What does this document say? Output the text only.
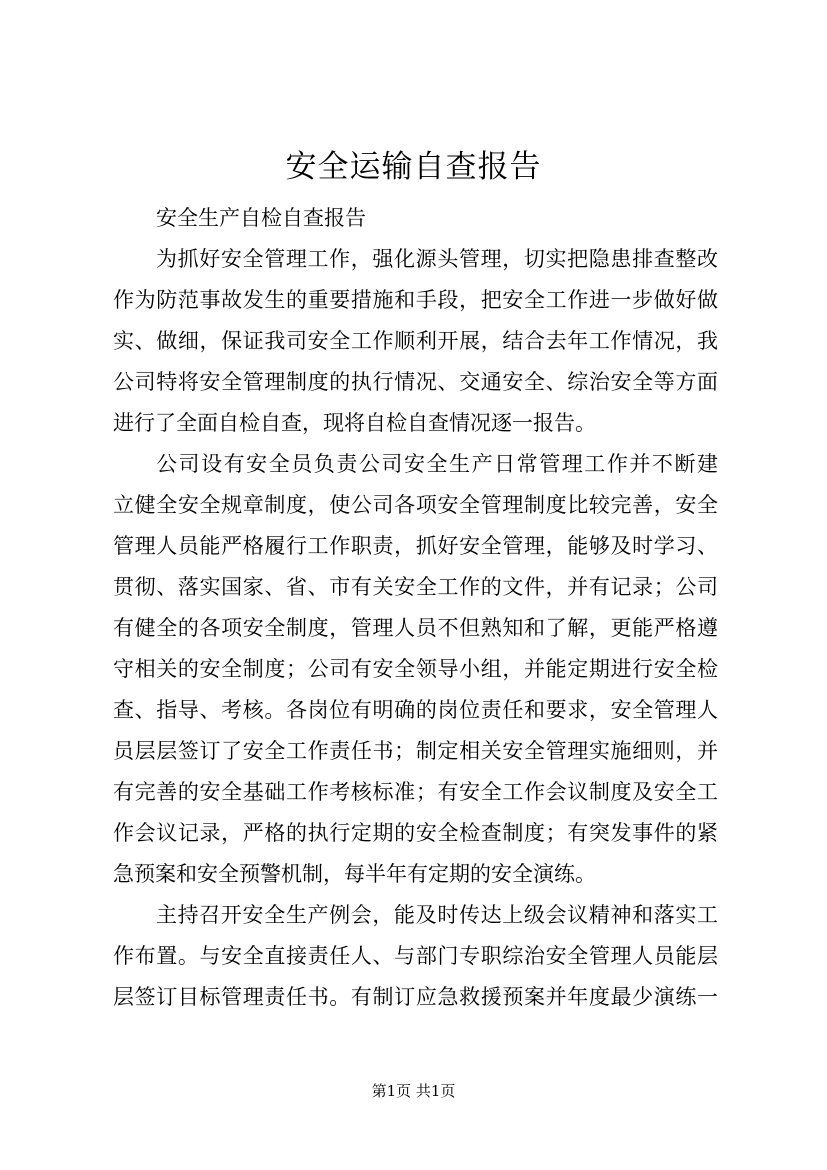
安全运输自查报告
安全生产自检自查报告
为抓好安全管理工作，强化源头管理，切实把隐患排查整改
作为防范事故发生的重要措施和手段，把安全工作进一步做好做
实、做细，保证我司安全工作顺利开展，结合去年工作情况，我
公司特将安全管理制度的执行情况、交通安全、综治安全等方面
进行了全面自检自查，现将自检自查情况逐一报告。
公司设有安全员负责公司安全生产日常管理工作并不断建
立健全安全规章制度，使公司各项安全管理制度比较完善，安全
管理人员能严格履行工作职责，抓好安全管理，能够及时学习、
贯彻、落实国家、省、市有关安全工作的文件，并有记录；公司
有健全的各项安全制度，管理人员不但熟知和了解，更能严格遵
守相关的安全制度；公司有安全领导小组，并能定期进行安全检
查、指导、考核。各岗位有明确的岗位责任和要求，安全管理人
员层层签订了安全工作责任书；制定相关安全管理实施细则，并
有完善的安全基础工作考核标准；有安全工作会议制度及安全工
作会议记录，严格的执行定期的安全检查制度；有突发事件的紧
急预案和安全预警机制，每半年有定期的安全演练。
主持召开安全生产例会，能及时传达上级会议精神和落实工
作布置。与安全直接责任人、与部门专职综治安全管理人员能层
层签订目标管理责任书。有制订应急救援预案并年度最少演练一
第1页 共1页
